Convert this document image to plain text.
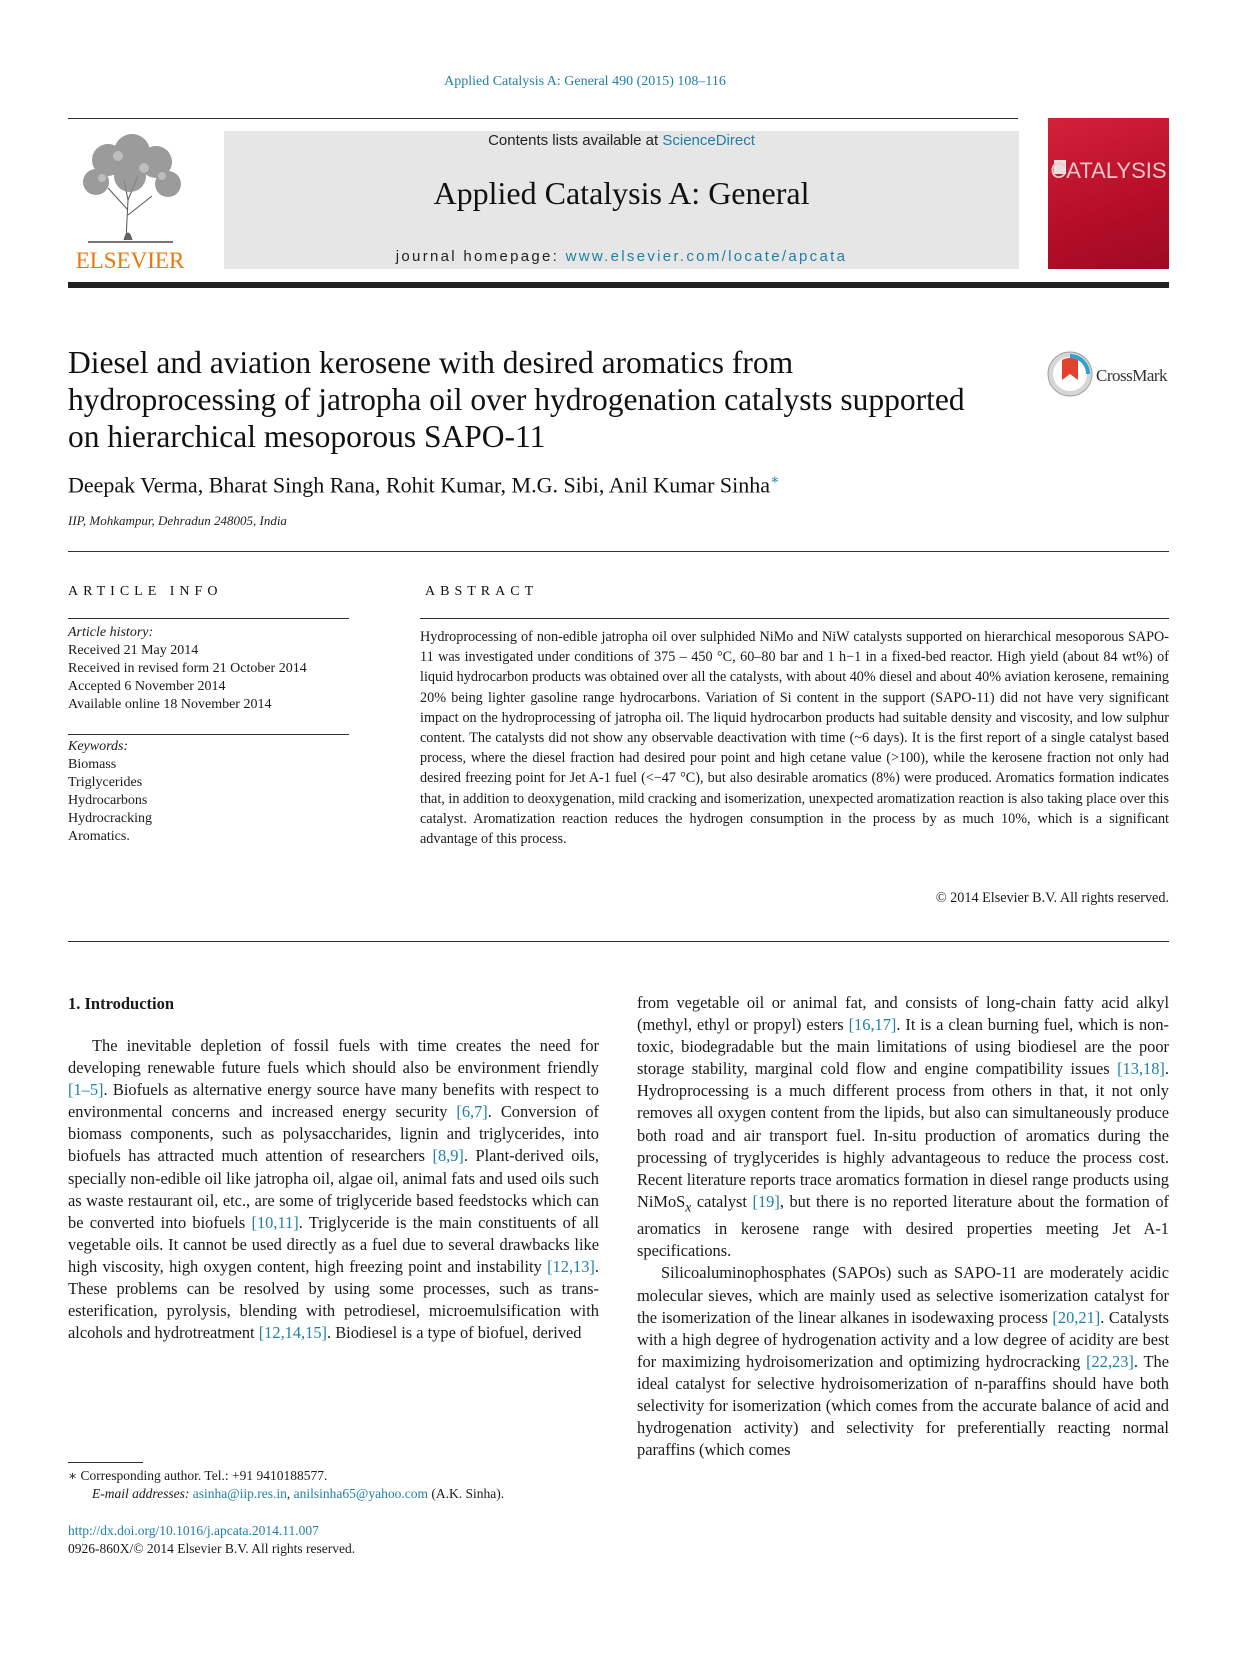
Applied Catalysis A: General 490 (2015) 108–116
ELSEVIER
Contents lists available at ScienceDirect
Applied Catalysis A: General
journal homepage: www.elsevier.com/locate/apcata
CATALYSIS
Diesel and aviation kerosene with desired aromatics from hydroprocessing of jatropha oil over hydrogenation catalysts supported on hierarchical mesoporous SAPO-11
CrossMark
Deepak Verma, Bharat Singh Rana, Rohit Kumar, M.G. Sibi, Anil Kumar Sinha∗
IIP, Mohkampur, Dehradun 248005, India
ARTICLE INFO	ABSTRACT
Article history:
Received 21 May 2014
Received in revised form 21 October 2014
Accepted 6 November 2014
Available online 18 November 2014
Keywords:
Biomass
Triglycerides
Hydrocarbons
Hydrocracking
Aromatics.
Hydroprocessing of non-edible jatropha oil over sulphided NiMo and NiW catalysts supported on hierarchical mesoporous SAPO-11 was investigated under conditions of 375 – 450 °C, 60–80 bar and 1 h−1 in a fixed-bed reactor. High yield (about 84 wt%) of liquid hydrocarbon products was obtained over all the catalysts, with about 40% diesel and about 40% aviation kerosene, remaining 20% being lighter gasoline range hydrocarbons. Variation of Si content in the support (SAPO-11) did not have very significant impact on the hydroprocessing of jatropha oil. The liquid hydrocarbon products had suitable density and viscosity, and low sulphur content. The catalysts did not show any observable deactivation with time (~6 days). It is the first report of a single catalyst based process, where the diesel fraction had desired pour point and high cetane value (>100), while the kerosene fraction not only had desired freezing point for Jet A-1 fuel (<−47 °C), but also desirable aromatics (8%) were produced. Aromatics formation indicates that, in addition to deoxygenation, mild cracking and isomerization, unexpected aromatization reaction is also taking place over this catalyst. Aromatization reaction reduces the hydrogen consumption in the process by as much 10%, which is a significant advantage of this process.
© 2014 Elsevier B.V. All rights reserved.
1. Introduction

The inevitable depletion of fossil fuels with time creates the need for developing renewable future fuels which should also be environment friendly [1–5]. Biofuels as alternative energy source have many benefits with respect to environmental concerns and increased energy security [6,7]. Conversion of biomass components, such as polysaccharides, lignin and triglycerides, into biofuels has attracted much attention of researchers [8,9]. Plant-derived oils, specially non-edible oil like jatropha oil, algae oil, animal fats and used oils such as waste restaurant oil, etc., are some of triglyceride based feedstocks which can be converted into biofuels [10,11]. Triglyceride is the main constituents of all vegetable oils. It cannot be used directly as a fuel due to several drawbacks like high viscosity, high oxygen content, high freezing point and instability [12,13]. These problems can be resolved by using some processes, such as trans-esterification, pyrolysis, blending with petrodiesel, microemulsification with alcohols and hydrotreatment [12,14,15]. Biodiesel is a type of biofuel, derived

from vegetable oil or animal fat, and consists of long-chain fatty acid alkyl (methyl, ethyl or propyl) esters [16,17]. It is a clean burning fuel, which is non-toxic, biodegradable but the main limitations of using biodiesel are the poor storage stability, marginal cold flow and engine compatibility issues [13,18]. Hydroprocessing is a much different process from others in that, it not only removes all oxygen content from the lipids, but also can simultaneously produce both road and air transport fuel. In-situ production of aromatics during the processing of tryglycerides is highly advantageous to reduce the process cost. Recent literature reports trace aromatics formation in diesel range products using NiMoS$_x$ catalyst [19], but there is no reported literature about the formation of aromatics in kerosene range with desired properties meeting Jet A-1 specifications.

Silicoaluminophosphates (SAPOs) such as SAPO-11 are moderately acidic molecular sieves, which are mainly used as selective isomerization catalyst for the isomerization of the linear alkanes in isodewaxing process [20,21]. Catalysts with a high degree of hydrogenation activity and a low degree of acidity are best for maximizing hydroisomerization and optimizing hydrocracking [22,23]. The ideal catalyst for selective hydroisomerization of n-paraffins should have both selectivity for isomerization (which comes from the accurate balance of acid and hydrogenation activity) and selectivity for preferentially reacting normal paraffins (which comes

∗ Corresponding author. Tel.: +91 9410188577.
E-mail addresses: asinha@iip.res.in, anilsinha65@yahoo.com (A.K. Sinha).
http://dx.doi.org/10.1016/j.apcata.2014.11.007
0926-860X/© 2014 Elsevier B.V. All rights reserved.
